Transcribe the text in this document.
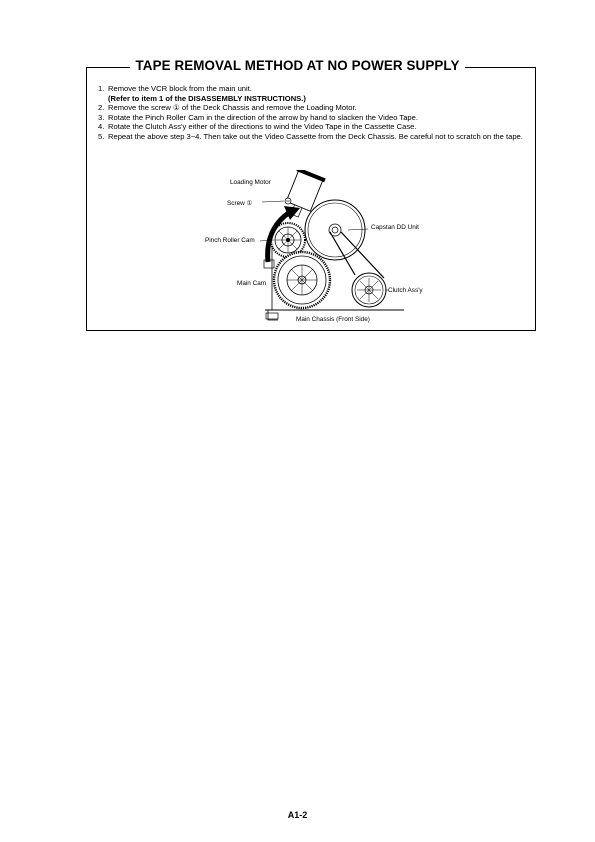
TAPE REMOVAL METHOD AT NO POWER SUPPLY
1. Remove the VCR block from the main unit.
(Refer to item 1 of the DISASSEMBLY INSTRUCTIONS.)
2. Remove the screw ① of the Deck Chassis and remove the Loading Motor.
3. Rotate the Pinch Roller Cam in the direction of the arrow by hand to slacken the Video Tape.
4. Rotate the Clutch Ass'y either of the directions to wind the Video Tape in the Cassette Case.
5. Repeat the above step 3~4. Then take out the Video Cassette from the Deck Chassis. Be careful not to scratch on the tape.
Loading Motor
Screw ①
Pinch Roller Cam
Capstan DD Unit
Main Cam
Clutch Ass'y
Main Chassis (Front Side)
A1-2
